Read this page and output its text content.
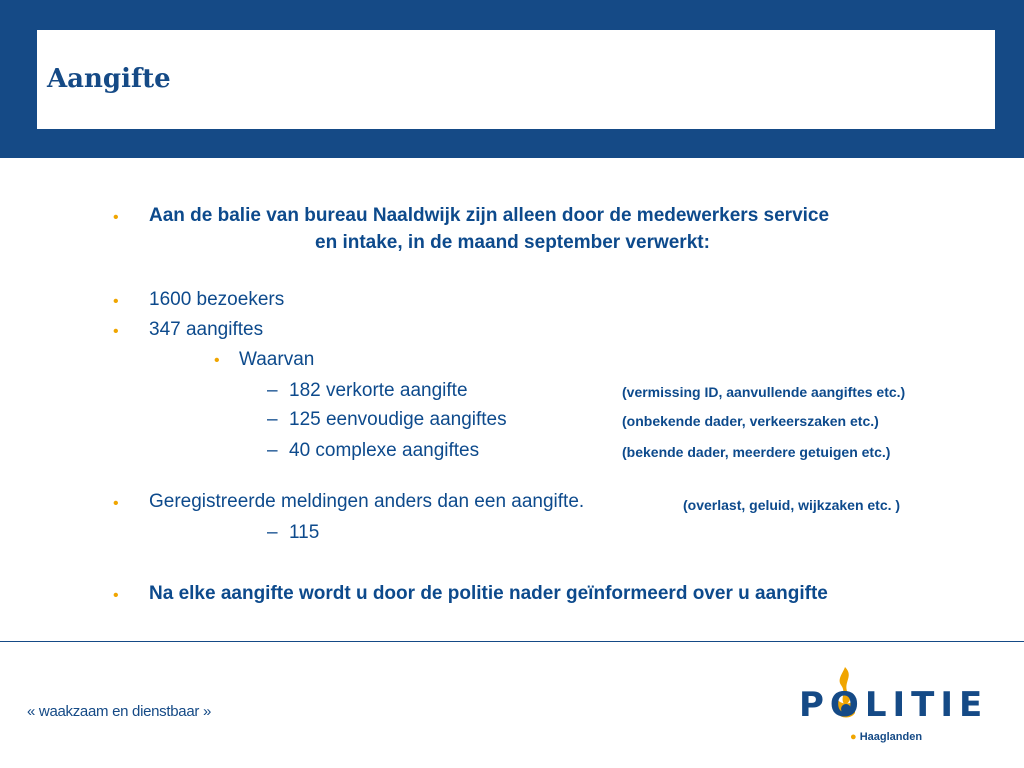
Aangifte
• Aan de balie van bureau Naaldwijk zijn alleen door de medewerkers service
en intake, in de maand september verwerkt:
• 1600 bezoekers
• 347 aangiftes
• Waarvan
– 182 verkorte aangifte	(vermissing ID, aanvullende aangiftes etc.)
– 125 eenvoudige aangiftes	(onbekende dader, verkeerszaken etc.)
– 40 complexe aangiftes	(bekende dader, meerdere getuigen etc.)
• Geregistreerde meldingen anders dan een aangifte.	(overlast, geluid, wijkzaken etc. )
– 115
• Na elke aangifte wordt u door de politie nader geïnformeerd over u aangifte
« waakzaam en dienstbaar »	POLITIE
● Haaglanden
